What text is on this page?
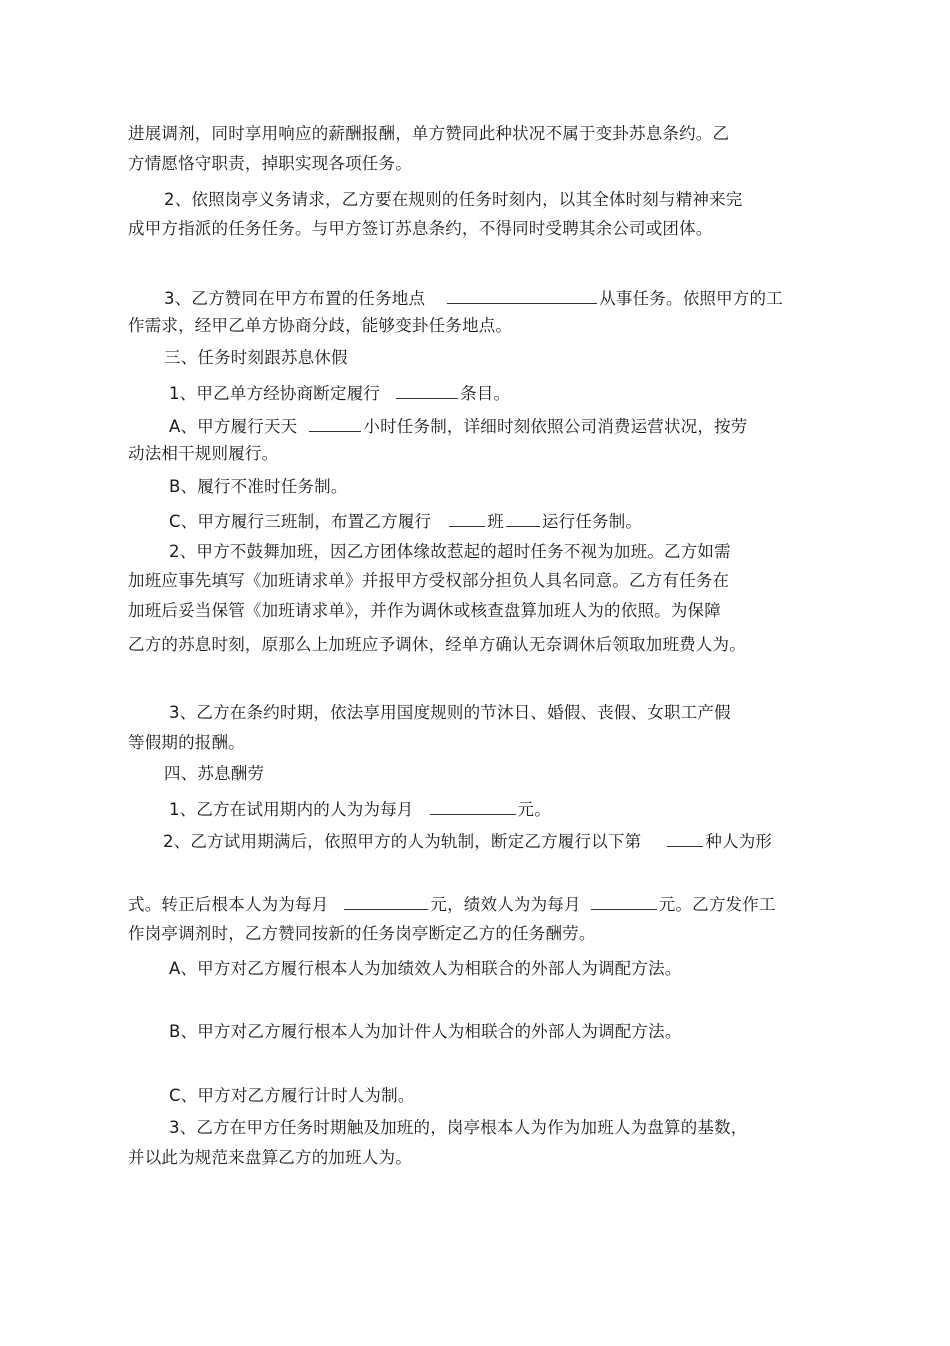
进展调剂，同时享用响应的薪酬报酬，单方赞同此种状况不属于变卦苏息条约。乙
方情愿恪守职责，掉职实现各项任务。
2、依照岗亭义务请求，乙方要在规则的任务时刻内，以其全体时刻与精神来完
成甲方指派的任务任务。与甲方签订苏息条约，不得同时受聘其余公司或团体。
3、乙方赞同在甲方布置的任务地点	从事任务。依照甲方的工
作需求，经甲乙单方协商分歧，能够变卦任务地点。
三、任务时刻跟苏息休假
1、甲乙单方经协商断定履行	条目。
A、甲方履行天天	小时任务制，详细时刻依照公司消费运营状况，按劳
动法相干规则履行。
B、履行不准时任务制。
C、甲方履行三班制，布置乙方履行	班 运行任务制。
2、甲方不鼓舞加班，因乙方团体缘故惹起的超时任务不视为加班。乙方如需
加班应事先填写《加班请求单》并报甲方受权部分担负人具名同意。乙方有任务在
加班后妥当保管《加班请求单》，并作为调休或核查盘算加班人为的依照。为保障
乙方的苏息时刻，原那么上加班应予调休，经单方确认无奈调休后领取加班费人为。
3、乙方在条约时期，依法享用国度规则的节沐日、婚假、丧假、女职工产假
等假期的报酬。
四、苏息酬劳
1、乙方在试用期内的人为为每月	元。
2、乙方试用期满后，依照甲方的人为轨制，断定乙方履行以下第	种人为形
式。转正后根本人为为每月	元，绩效人为为每月	元。乙方发作工
作岗亭调剂时，乙方赞同按新的任务岗亭断定乙方的任务酬劳。
A、甲方对乙方履行根本人为加绩效人为相联合的外部人为调配方法。
B、甲方对乙方履行根本人为加计件人为相联合的外部人为调配方法。
C、甲方对乙方履行计时人为制。
3、乙方在甲方任务时期触及加班的，岗亭根本人为作为加班人为盘算的基数，
并以此为规范来盘算乙方的加班人为。
